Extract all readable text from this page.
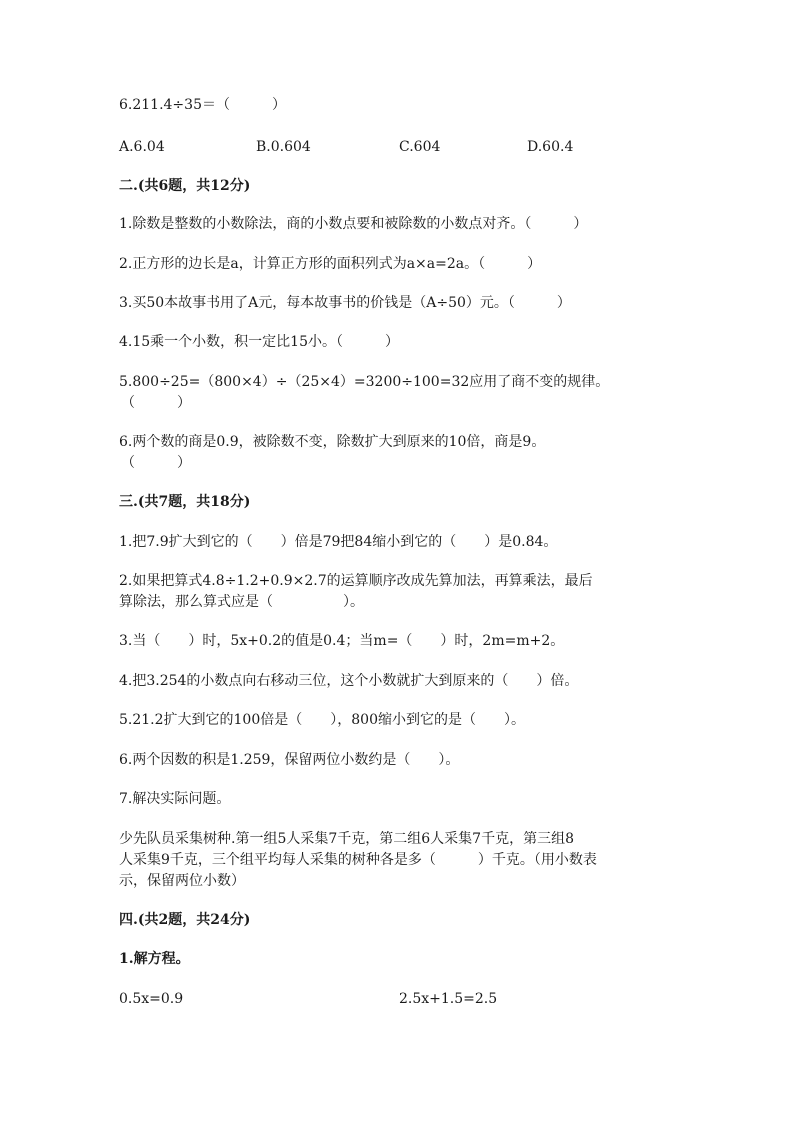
6.211.4÷35＝（　　　）
A.6.04	B.0.604	C.604	D.60.4
二.(共6题，共12分)
1.除数是整数的小数除法，商的小数点要和被除数的小数点对齐。（　　　）
2.正方形的边长是a，计算正方形的面积列式为a×a=2a。（　　　）
3.买50本故事书用了A元，每本故事书的价钱是（A÷50）元。（　　　）
4.15乘一个小数，积一定比15小。（　　　）
5.800÷25=（800×4）÷（25×4）=3200÷100=32应用了商不变的规律。
（　　　）
6.两个数的商是0.9，被除数不变，除数扩大到原来的10倍，商是9。
（　　　）
三.(共7题，共18分)
1.把7.9扩大到它的（　　）倍是79把84缩小到它的（　　）是0.84。
2.如果把算式4.8÷1.2+0.9×2.7的运算顺序改成先算加法，再算乘法，最后
算除法，那么算式应是（　　　　　）。
3.当（　　）时，5x+0.2的值是0.4；当m=（　　）时，2m=m+2。
4.把3.254的小数点向右移动三位，这个小数就扩大到原来的（　　）倍。
5.21.2扩大到它的100倍是（　　），800缩小到它的是（　　）。
6.两个因数的积是1.259，保留两位小数约是（　　）。
7.解决实际问题。
少先队员采集树种.第一组5人采集7千克，第二组6人采集7千克，第三组8
人采集9千克，三个组平均每人采集的树种各是多（　　　）千克。（用小数表
示，保留两位小数）
四.(共2题，共24分)
1.解方程。
0.5x=0.9	2.5x+1.5=2.5
